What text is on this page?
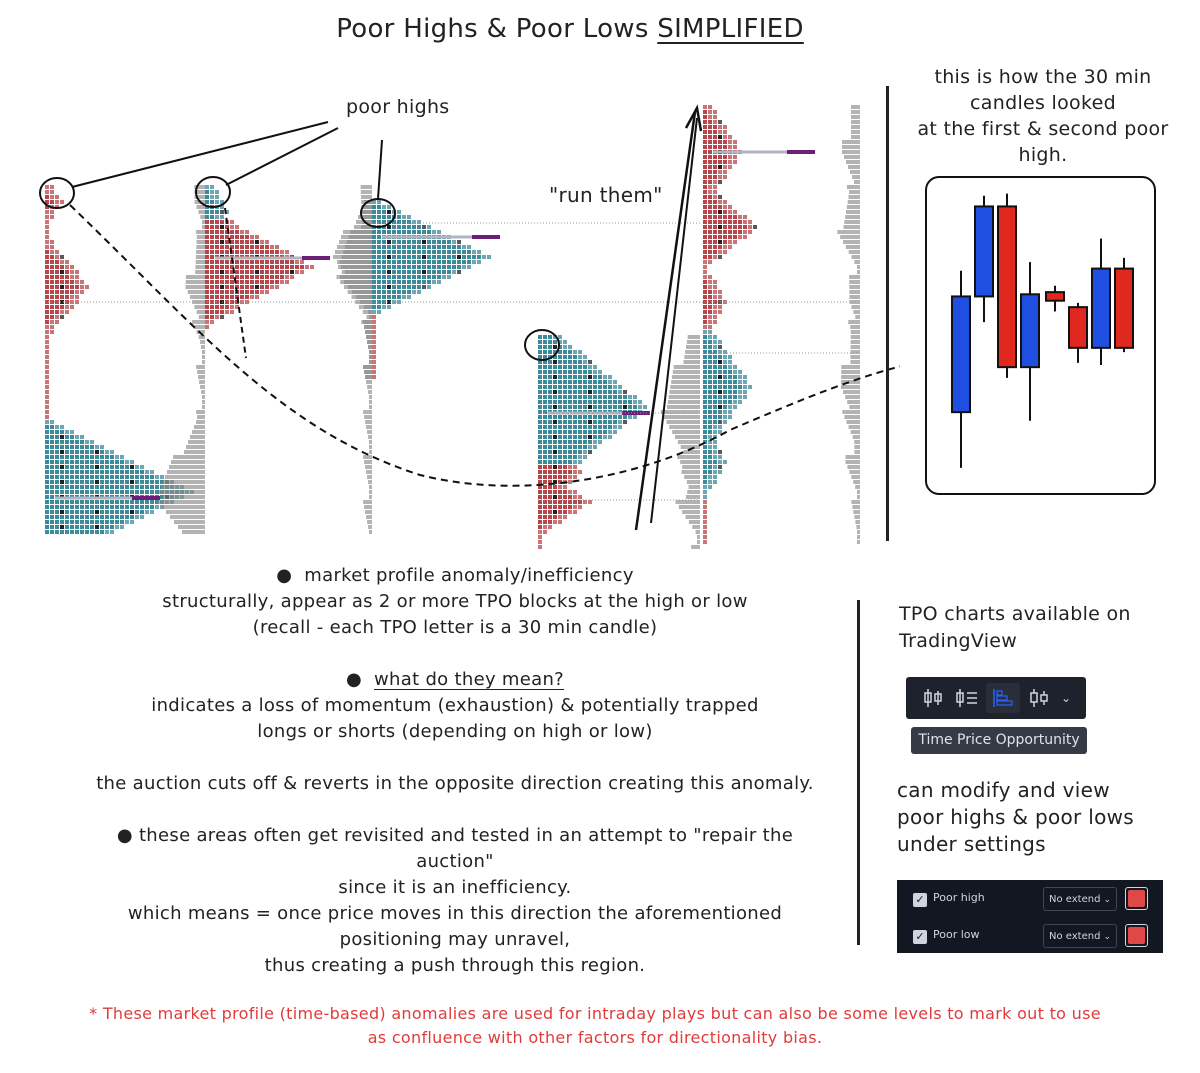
Poor Highs & Poor Lows SIMPLIFIED
poor highs
"run them"
this is how the 30 min
candles looked
at the first & second poor
high.
●  market profile anomaly/inefficiency
structurally, appear as 2 or more TPO blocks at the high or low
(recall - each TPO letter is a 30 min candle)
●  what do they mean?
indicates a loss of momentum (exhaustion) & potentially trapped
longs or shorts (depending on high or low)
the auction cuts off & reverts in the opposite direction creating this anomaly.
● these areas often get revisited and tested in an attempt to "repair the
auction"
since it is an inefficiency.
which means = once price moves in this direction the aforementioned
positioning may unravel,
thus creating a push through this region.
TPO charts available on
TradingView
⌄
Time Price Opportunity
can modify and view
poor highs & poor lows
under settings
✓ Poor high	No extend ⌄
✓ Poor low	No extend ⌄
* These market profile (time-based) anomalies are used for intraday plays but can also be some levels to mark out to use
as confluence with other factors for directionality bias.
